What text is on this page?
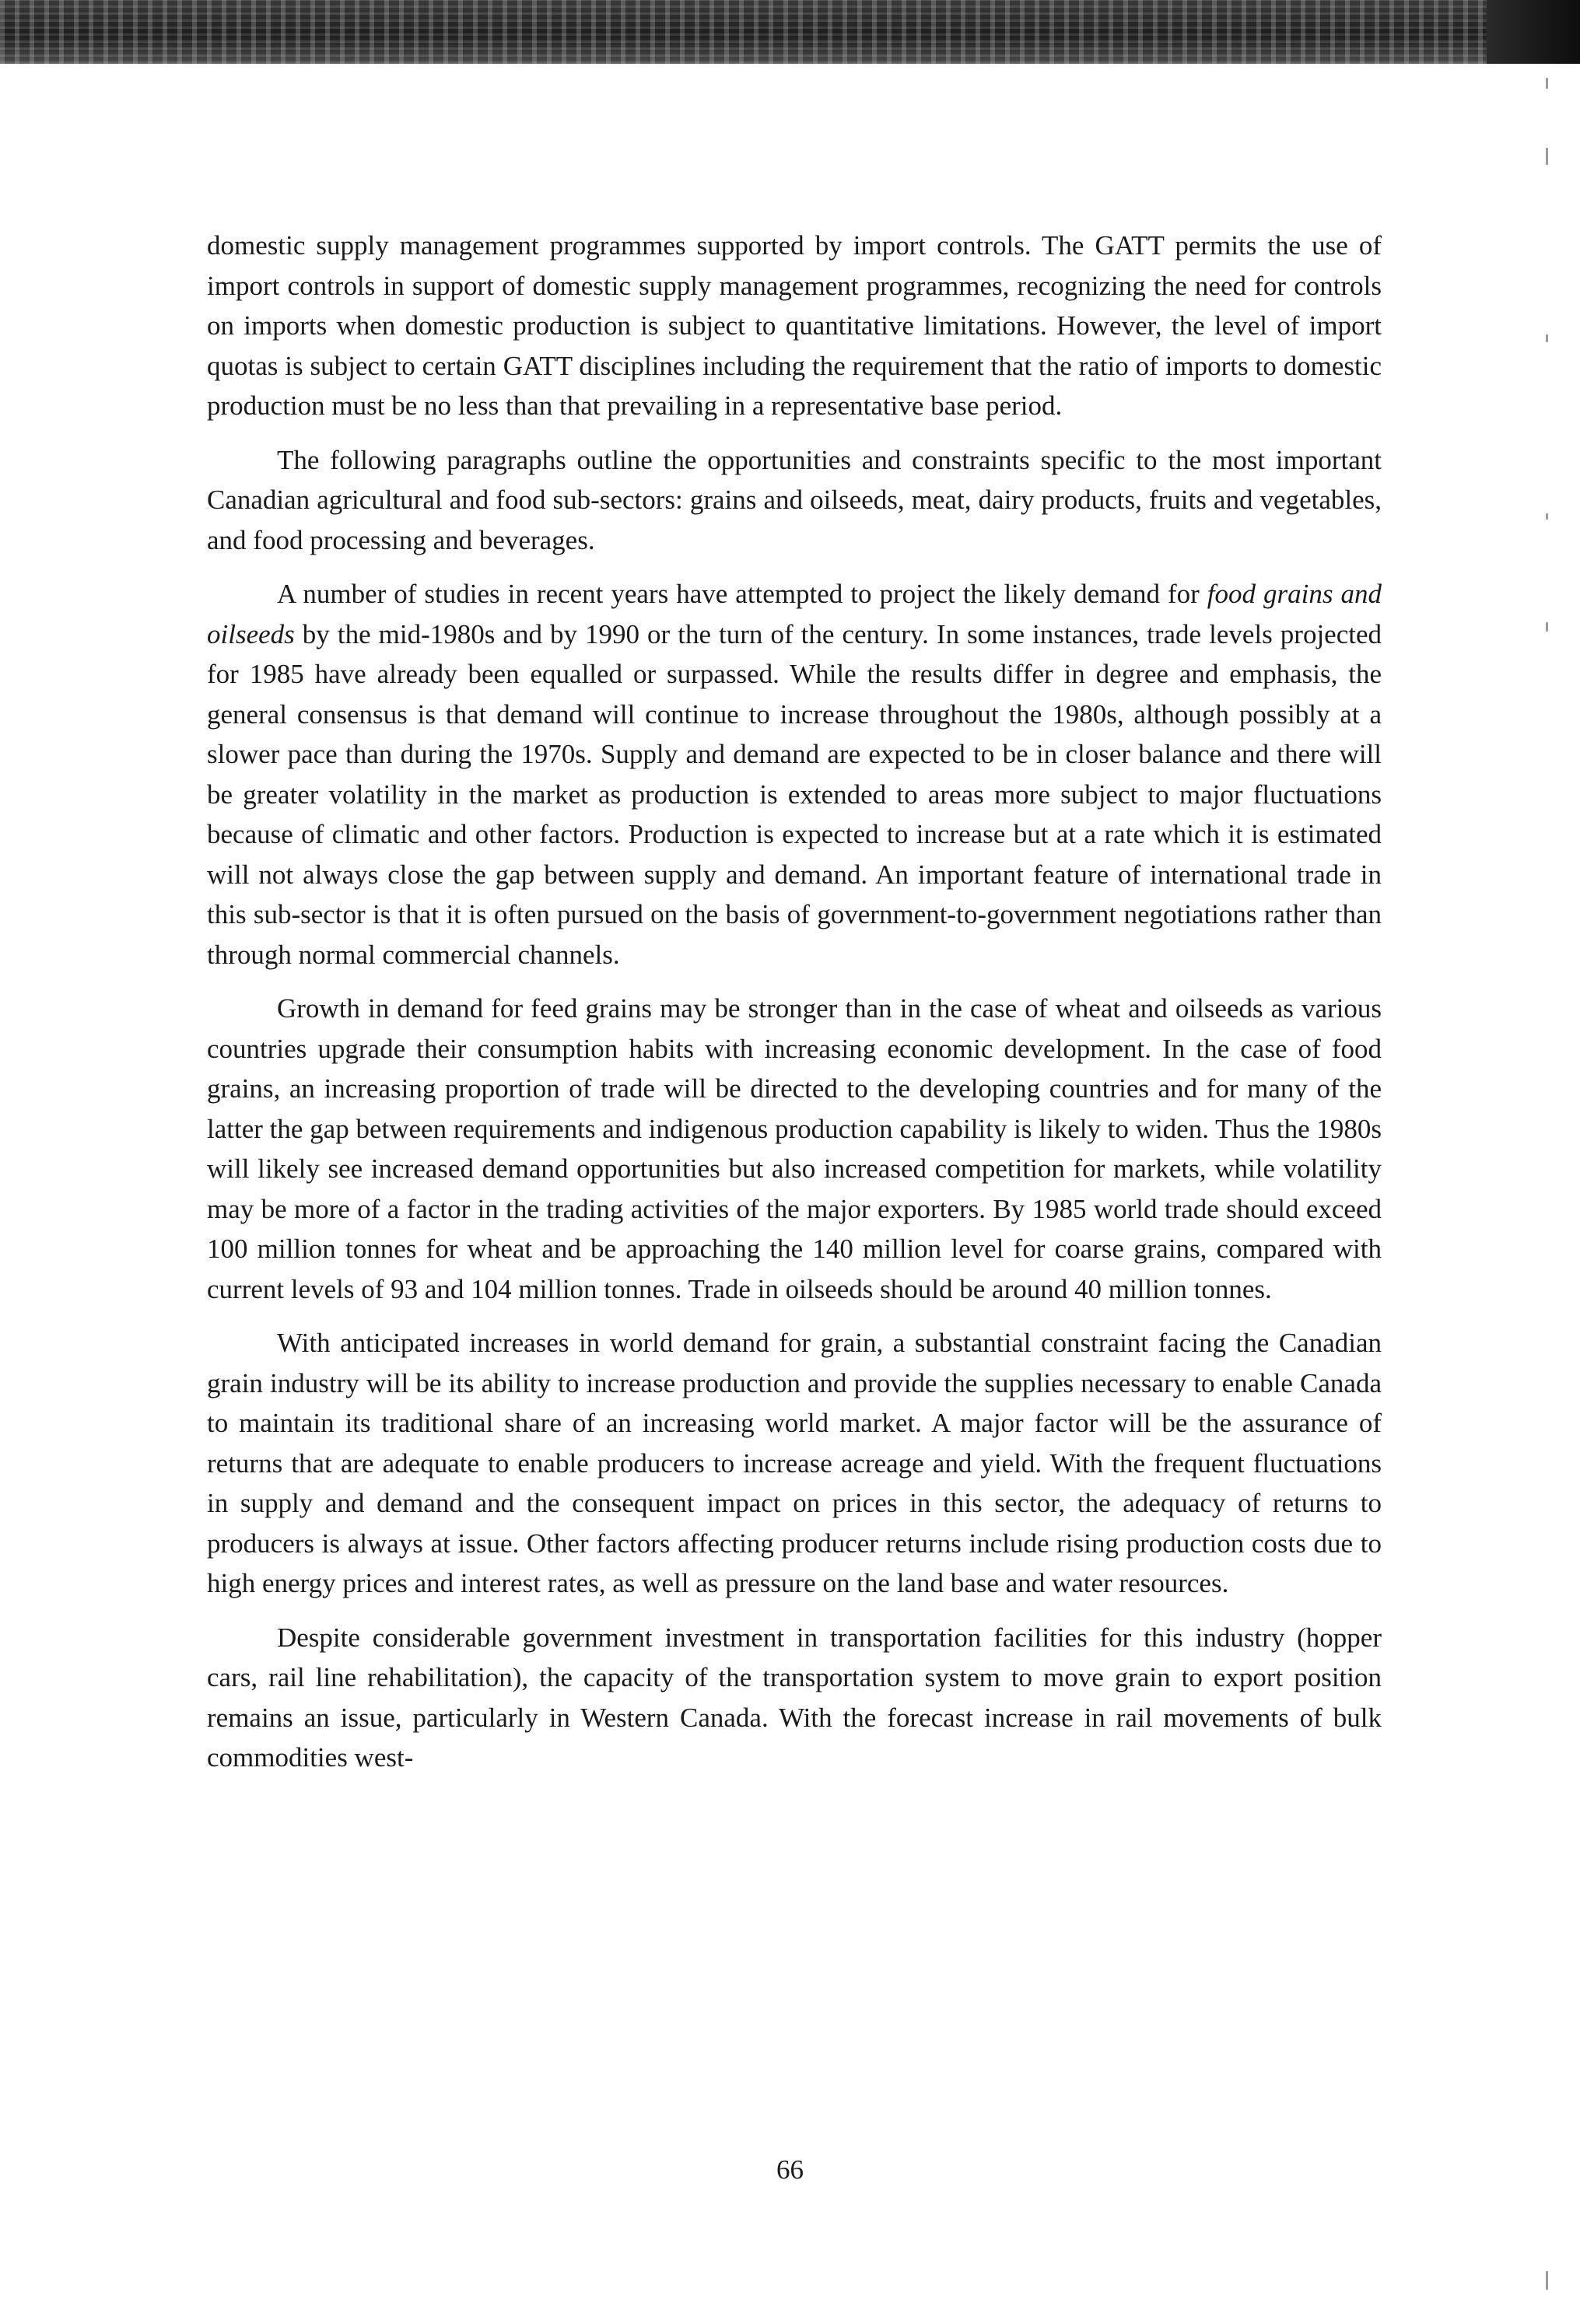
domestic supply management programmes supported by import controls. The GATT permits the use of import controls in support of domestic supply management programmes, recognizing the need for controls on imports when domestic production is subject to quantitative limitations. However, the level of import quotas is subject to certain GATT disciplines including the requirement that the ratio of imports to domestic production must be no less than that prevailing in a representative base period.

The following paragraphs outline the opportunities and constraints specific to the most important Canadian agricultural and food sub-sectors: grains and oilseeds, meat, dairy products, fruits and vegetables, and food processing and beverages.

A number of studies in recent years have attempted to project the likely demand for food grains and oilseeds by the mid-1980s and by 1990 or the turn of the century. In some instances, trade levels projected for 1985 have already been equalled or surpassed. While the results differ in degree and emphasis, the general consensus is that demand will continue to increase throughout the 1980s, although possibly at a slower pace than during the 1970s. Supply and demand are expected to be in closer balance and there will be greater volatility in the market as production is extended to areas more subject to major fluctuations because of climatic and other factors. Production is expected to increase but at a rate which it is estimated will not always close the gap between supply and demand. An important feature of international trade in this sub-sector is that it is often pursued on the basis of government-to-government negotiations rather than through normal commercial channels.

Growth in demand for feed grains may be stronger than in the case of wheat and oilseeds as various countries upgrade their consumption habits with increasing economic development. In the case of food grains, an increasing proportion of trade will be directed to the developing countries and for many of the latter the gap between requirements and indigenous production capability is likely to widen. Thus the 1980s will likely see increased demand opportunities but also increased competition for markets, while volatility may be more of a factor in the trading activities of the major exporters. By 1985 world trade should exceed 100 million tonnes for wheat and be approaching the 140 million level for coarse grains, compared with current levels of 93 and 104 million tonnes. Trade in oilseeds should be around 40 million tonnes.

With anticipated increases in world demand for grain, a substantial constraint facing the Canadian grain industry will be its ability to increase production and provide the supplies necessary to enable Canada to maintain its traditional share of an increasing world market. A major factor will be the assurance of returns that are adequate to enable producers to increase acreage and yield. With the frequent fluctuations in supply and demand and the consequent impact on prices in this sector, the adequacy of returns to producers is always at issue. Other factors affecting producer returns include rising production costs due to high energy prices and interest rates, as well as pressure on the land base and water resources.

Despite considerable government investment in transportation facilities for this industry (hopper cars, rail line rehabilitation), the capacity of the transportation system to move grain to export position remains an issue, particularly in Western Canada. With the forecast increase in rail movements of bulk commodities west-

66
